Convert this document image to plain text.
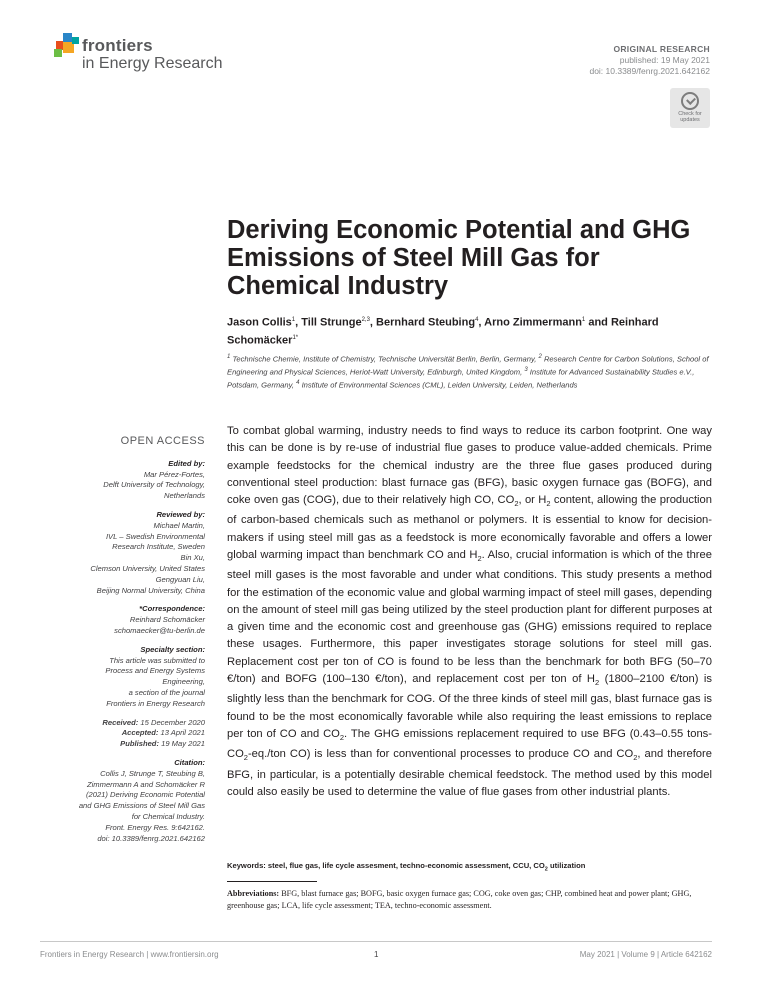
frontiers
in Energy Research
ORIGINAL RESEARCH
published: 19 May 2021
doi: 10.3389/fenrg.2021.642162
Check for
updates
Deriving Economic Potential and GHG Emissions of Steel Mill Gas for Chemical Industry
Jason Collis$^1$, Till Strunge$^{2,3}$, Bernhard Steubing$^4$, Arno Zimmermann$^1$ and Reinhard Schomäcker$^{1*}$
$^1$ Technische Chemie, Institute of Chemistry, Technische Universität Berlin, Berlin, Germany, $^2$ Research Centre for Carbon Solutions, School of Engineering and Physical Sciences, Heriot-Watt University, Edinburgh, United Kingdom, $^3$ Institute for Advanced Sustainability Studies e.V., Potsdam, Germany, $^4$ Institute of Environmental Sciences (CML), Leiden University, Leiden, Netherlands
OPEN ACCESS
Edited by:
Mar Pérez-Fortes,
Delft University of Technology,
Netherlands
Reviewed by:
Michael Martin,
IVL – Swedish Environmental
Research Institute, Sweden
Bin Xu,
Clemson University, United States
Gengyuan Liu,
Beijing Normal University, China
*Correspondence:
Reinhard Schomäcker
schomaecker@tu-berlin.de
Specialty section:
This article was submitted to
Process and Energy Systems
Engineering,
a section of the journal
Frontiers in Energy Research
Received: 15 December 2020
Accepted: 13 April 2021
Published: 19 May 2021
Citation:
Collis J, Strunge T, Steubing B,
Zimmermann A and Schomäcker R
(2021) Deriving Economic Potential
and GHG Emissions of Steel Mill Gas
for Chemical Industry.
Front. Energy Res. 9:642162.
doi: 10.3389/fenrg.2021.642162
To combat global warming, industry needs to find ways to reduce its carbon footprint. One way this can be done is by re-use of industrial flue gases to produce value-added chemicals. Prime example feedstocks for the chemical industry are the three flue gases produced during conventional steel production: blast furnace gas (BFG), basic oxygen furnace gas (BOFG), and coke oven gas (COG), due to their relatively high CO, $CO_2$, or $H_2$ content, allowing the production of carbon-based chemicals such as methanol or polymers. It is essential to know for decision-makers if using steel mill gas as a feedstock is more economically favorable and offers a lower global warming impact than benchmark CO and $H_2$. Also, crucial information is which of the three steel mill gases is the most favorable and under what conditions. This study presents a method for the estimation of the economic value and global warming impact of steel mill gases, depending on the amount of steel mill gas being utilized by the steel production plant for different purposes at a given time and the economic cost and greenhouse gas (GHG) emissions required to replace these usages. Furthermore, this paper investigates storage solutions for steel mill gas. Replacement cost per ton of CO is found to be less than the benchmark for both BFG (50–70 €/ton) and BOFG (100–130 €/ton), and replacement cost per ton of $H_2$ (1800–2100 €/ton) is slightly less than the benchmark for COG. Of the three kinds of steel mill gas, blast furnace gas is found to be the most economically favorable while also requiring the least emissions to replace per ton of CO and $CO_2$. The GHG emissions replacement required to use BFG (0.43–0.55 tons-$CO_2-eq$./ton CO) is less than for conventional processes to produce CO and $CO_2$, and therefore BFG, in particular, is a potentially desirable chemical feedstock. The method used by this model could also easily be used to determine the value of flue gases from other industrial plants.
Keywords: steel, flue gas, life cycle assesment, techno-economic assessment, CCU, $CO_2$ utilization
Abbreviations: BFG, blast furnace gas; BOFG, basic oxygen furnace gas; COG, coke oven gas; CHP, combined heat and power plant; GHG, greenhouse gas; LCA, life cycle assessment; TEA, techno-economic assessment.
Frontiers in Energy Research | www.frontiersin.org	1	May 2021 | Volume 9 | Article 642162
